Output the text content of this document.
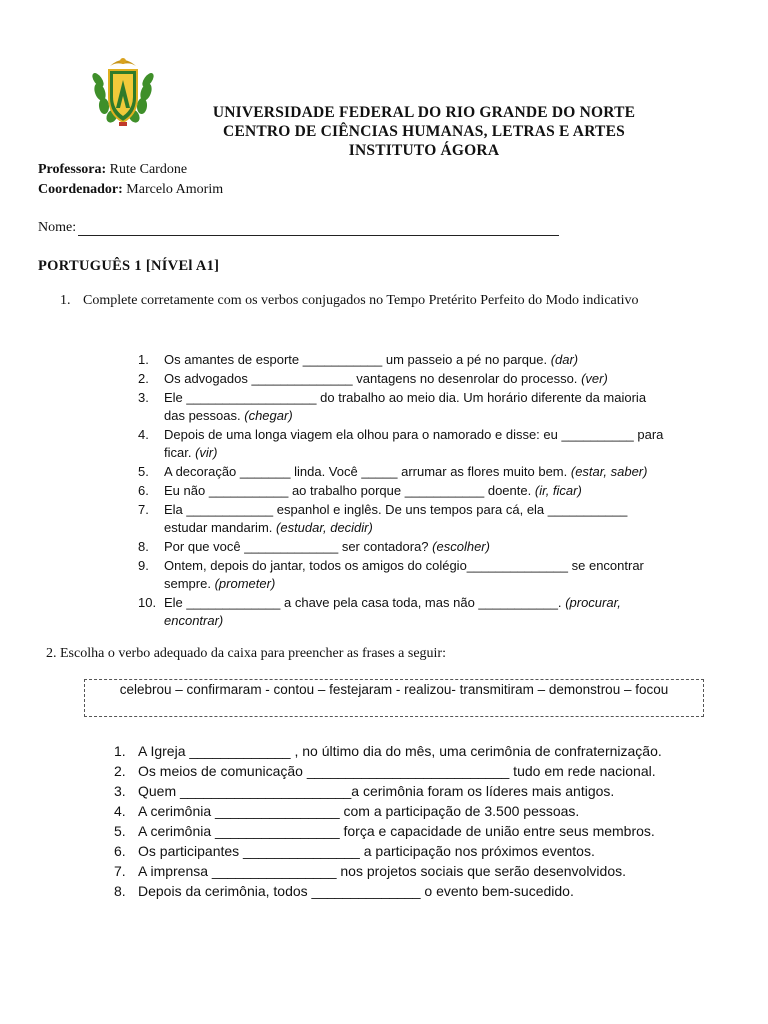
UNIVERSIDADE FEDERAL DO RIO GRANDE DO NORTE
CENTRO DE CIÊNCIAS HUMANAS, LETRAS E ARTES
INSTITUTO ÁGORA
Professora: Rute Cardone
Coordenador: Marcelo Amorim
Nome:
PORTUGUÊS 1 [NÍVEl A1]
1. Complete corretamente com os verbos conjugados no Tempo Pretérito Perfeito do Modo indicativo
1. Os amantes de esporte ___________ um passeio a pé no parque. (dar)
2. Os advogados ______________ vantagens no desenrolar do processo. (ver)
3. Ele __________________ do trabalho ao meio dia. Um horário diferente da maioria das pessoas. (chegar)
4. Depois de uma longa viagem ela olhou para o namorado e disse: eu __________ para ficar. (vir)
5. A decoração _______ linda. Você _____ arrumar as flores muito bem. (estar, saber)
6. Eu não ___________ ao trabalho porque ___________ doente. (ir, ficar)
7. Ela ____________ espanhol e inglês. De uns tempos para cá, ela ___________ estudar mandarim. (estudar, decidir)
8. Por que você _____________ ser contadora? (escolher)
9. Ontem, depois do jantar, todos os amigos do colégio______________ se encontrar sempre. (prometer)
10. Ele _____________ a chave pela casa toda, mas não ___________. (procurar, encontrar)
2. Escolha o verbo adequado da caixa para preencher as frases a seguir:
celebrou – confirmaram - contou – festejaram - realizou- transmitiram – demonstrou – focou
1. A Igreja _____________ , no último dia do mês, uma cerimônia de confraternização.
2. Os meios de comunicação __________________________ tudo em rede nacional.
3. Quem ______________________a cerimônia foram os líderes mais antigos.
4. A cerimônia ________________ com a participação de 3.500 pessoas.
5. A cerimônia ________________ força e capacidade de união entre seus membros.
6. Os participantes _______________ a participação nos próximos eventos.
7. A imprensa ________________ nos projetos sociais que serão desenvolvidos.
8. Depois da cerimônia, todos ______________ o evento bem-sucedido.
